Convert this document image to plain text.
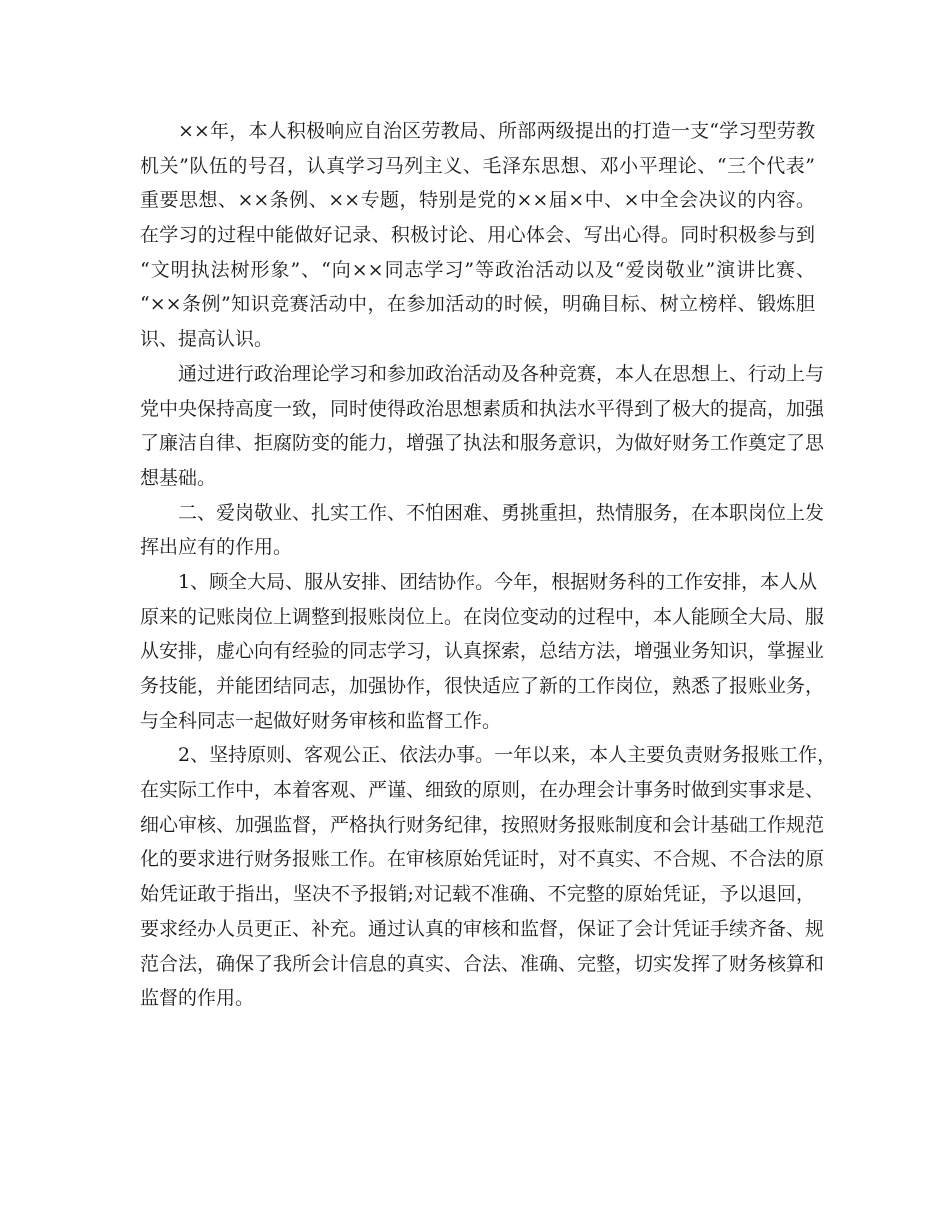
××年，本人积极响应自治区劳教局、所部两级提出的打造一支“学习型劳教
机关”队伍的号召，认真学习马列主义、毛泽东思想、邓小平理论、“三个代表”
重要思想、××条例、××专题，特别是党的××届×中、×中全会决议的内容。
在学习的过程中能做好记录、积极讨论、用心体会、写出心得。同时积极参与到
“文明执法树形象”、“向××同志学习”等政治活动以及“爱岗敬业”演讲比赛、
“××条例”知识竞赛活动中，在参加活动的时候，明确目标、树立榜样、锻炼胆
识、提高认识。
通过进行政治理论学习和参加政治活动及各种竞赛，本人在思想上、行动上与
党中央保持高度一致，同时使得政治思想素质和执法水平得到了极大的提高，加强
了廉洁自律、拒腐防变的能力，增强了执法和服务意识，为做好财务工作奠定了思
想基础。
二、爱岗敬业、扎实工作、不怕困难、勇挑重担，热情服务，在本职岗位上发
挥出应有的作用。
1、顾全大局、服从安排、团结协作。今年，根据财务科的工作安排，本人从
原来的记账岗位上调整到报账岗位上。在岗位变动的过程中，本人能顾全大局、服
从安排，虚心向有经验的同志学习，认真探索，总结方法，增强业务知识，掌握业
务技能，并能团结同志，加强协作，很快适应了新的工作岗位，熟悉了报账业务，
与全科同志一起做好财务审核和监督工作。
2、坚持原则、客观公正、依法办事。一年以来，本人主要负责财务报账工作，
在实际工作中，本着客观、严谨、细致的原则，在办理会计事务时做到实事求是、
细心审核、加强监督，严格执行财务纪律，按照财务报账制度和会计基础工作规范
化的要求进行财务报账工作。在审核原始凭证时，对不真实、不合规、不合法的原
始凭证敢于指出，坚决不予报销;对记载不准确、不完整的原始凭证，予以退回，
要求经办人员更正、补充。通过认真的审核和监督，保证了会计凭证手续齐备、规
范合法，确保了我所会计信息的真实、合法、准确、完整，切实发挥了财务核算和
监督的作用。
